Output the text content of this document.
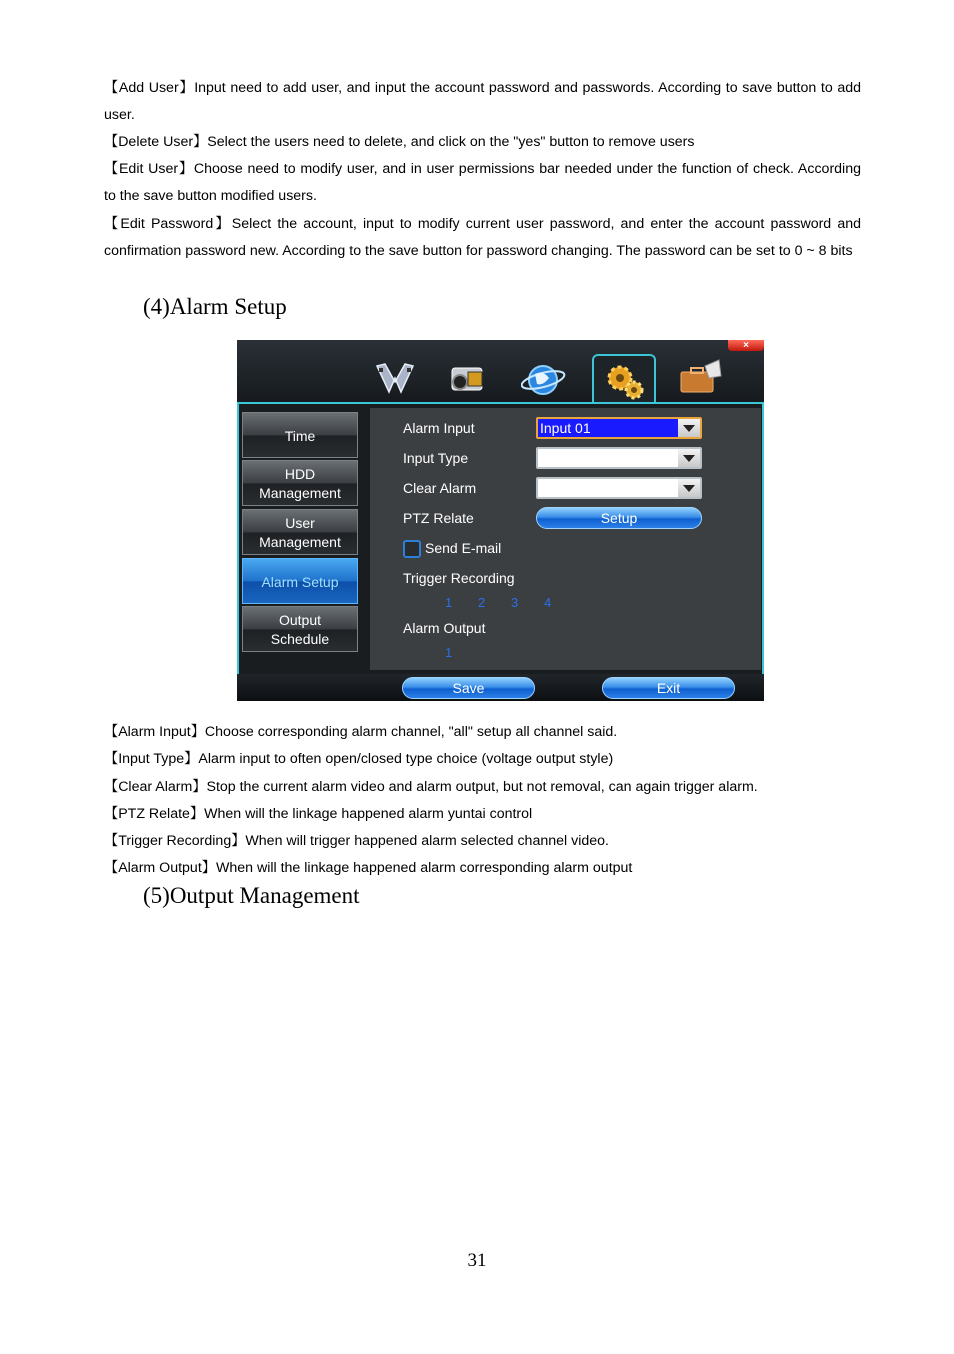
【Add User】Input need to add user, and input the account password and passwords. According to save button to add user.
【Delete User】Select the users need to delete, and click on the "yes" button to remove users
【Edit User】Choose need to modify user, and in user permissions bar needed under the function of check. According to the save button modified users.
【Edit Password】Select the account, input to modify current user password, and enter the account password and confirmation password new. According to the save button for password changing. The password can be set to 0 ~ 8 bits
(4)Alarm Setup
×
Time
HDD
Management
User
Management
Alarm Setup
Output
Schedule
Alarm Input	Input 01
Input Type
Clear Alarm
PTZ Relate	Setup
Send E-mail
Trigger Recording
1 2 3 4
Alarm Output
1
Save	Exit
【Alarm Input】Choose corresponding alarm channel, "all" setup all channel said.
【Input Type】Alarm input to often open/closed type choice (voltage output style)
【Clear Alarm】Stop the current alarm video and alarm output, but not removal, can again trigger alarm.
【PTZ Relate】When will the linkage happened alarm yuntai control
【Trigger Recording】When will trigger happened alarm selected channel video.
【Alarm Output】When will the linkage happened alarm corresponding alarm output
(5)Output Management
31
